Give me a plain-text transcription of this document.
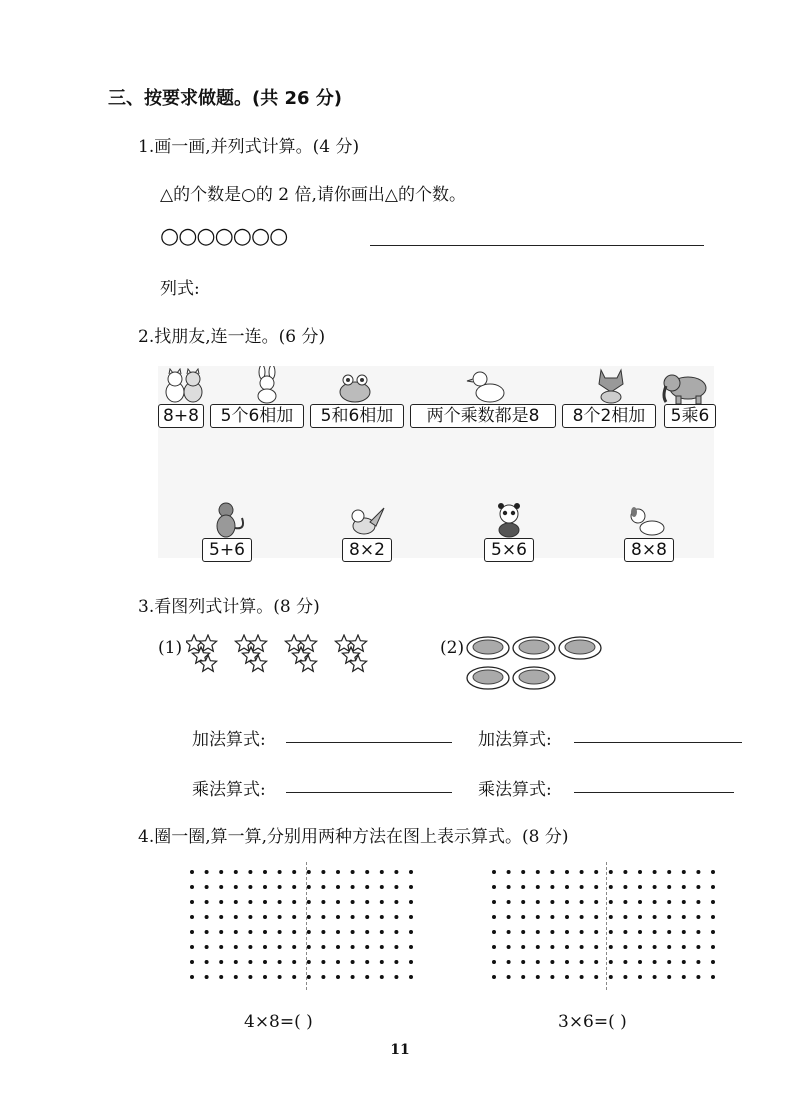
三、按要求做题。(共 26 分)
1.画一画,并列式计算。(4 分)
△的个数是○的 2 倍,请你画出△的个数。
○○○○○○○
列式:
2.找朋友,连一连。(6 分)
8+8	5个6相加	5和6相加	两个乘数都是8	8个2相加	5乘6
5+6	8×2	5×6	8×8
3.看图列式计算。(8 分)
(1)	(2)
加法算式:	加法算式:
乘法算式:	乘法算式:
4.圈一圈,算一算,分别用两种方法在图上表示算式。(8 分)
4×8=( )	3×6=( )
11
